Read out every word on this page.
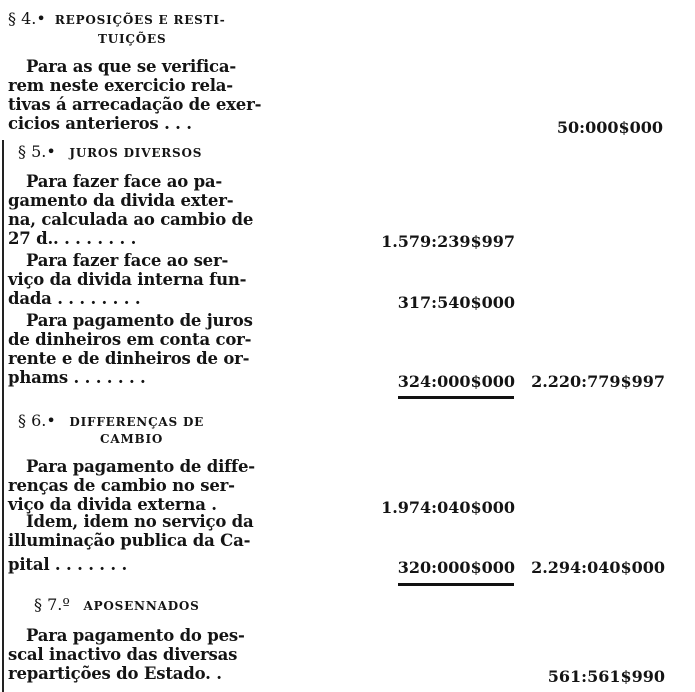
§ 4.• REPOSIÇÕES E RESTI-
TUIÇÕES
Para as que se verifica-
rem neste exercicio rela-
tivas á arrecadação de exer-
cicios anterieros . . .	50:000$000
§ 5.• JUROS DIVERSOS
Para fazer face ao pa-
gamento da divida exter-
na, calculada ao cambio de
27 d.. . . . . . . .	1.579:239$997
Para fazer face ao ser-
viço da divida interna fun-
dada . . . . . . . .	317:540$000
Para pagamento de juros
de dinheiros em conta cor-
rente e de dinheiros de or-
phams . . . . . . .	324:000$000 2.220:779$997
§ 6.• DIFFERENÇAS DE
CAMBIO
Para pagamento de diffe-
renças de cambio no ser-
viço da divida externa .	1.974:040$000
Idem, idem no serviço da
illuminação publica da Ca-
pital . . . . . . .	320:000$000 2.294:040$000
§ 7.º APOSENNADOS
Para pagamento do pes-
scal inactivo das diversas
repartições do Estado. .	561:561$990
